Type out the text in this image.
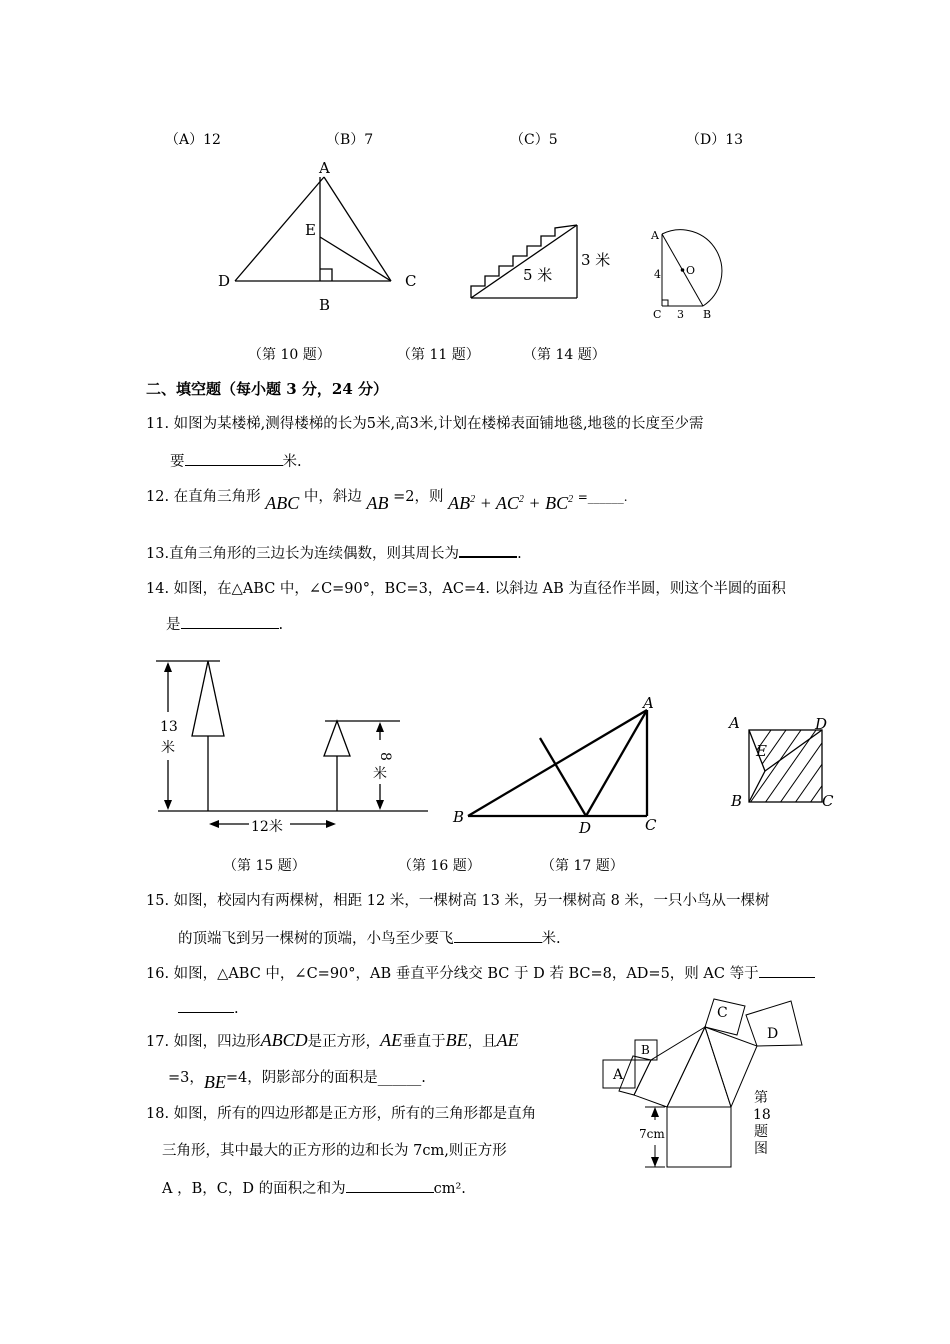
（A）12	（B）7	（C）5	（D）13
A
E
D
B
C	5 米
3 米
A
O
4
C 3 B
（第 10 题）	（第 11 题）	（第 14 题）
二、填空题（每小题 3 分，24 分）
11. 如图为某楼梯,测得楼梯的长为5米,高3米,计划在楼梯表面铺地毯,地毯的长度至少需
要	米.
12. 在直角三角形 ABC 中，斜边 AB =2，则 $AB^2 + AC^2 + BC^2$ =______.
13.直角三角形的三边长为连续偶数，则其周长为	.
14. 如图，在△ABC 中，∠C=90°，BC=3，AC=4. 以斜边 AB 为直径作半圆，则这个半圆的面积
是	.
13
米
8
米
12米
A
B
D	C
A	D
E
B	C
（第 15 题）	（第 16 题）	（第 17 题）
15. 如图，校园内有两棵树，相距 12 米，一棵树高 13 米，另一棵树高 8 米，一只小鸟从一棵树
的顶端飞到另一棵树的顶端，小鸟至少要飞	米.
16. 如图，△ABC 中，∠C=90°，AB 垂直平分线交 BC 于 D 若 BC=8，AD=5，则 AC 等于
.
17. 如图，四边形ABCD是正方形，AE垂直于BE，且AE
=3，BE=4，阴影部分的面积是______.
18. 如图，所有的四边形都是正方形，所有的三角形都是直角
三角形，其中最大的正方形的边和长为 7cm,则正方形
A ，B，C，D 的面积之和为	cm².
A
B
C
D
7cm
第18题图
